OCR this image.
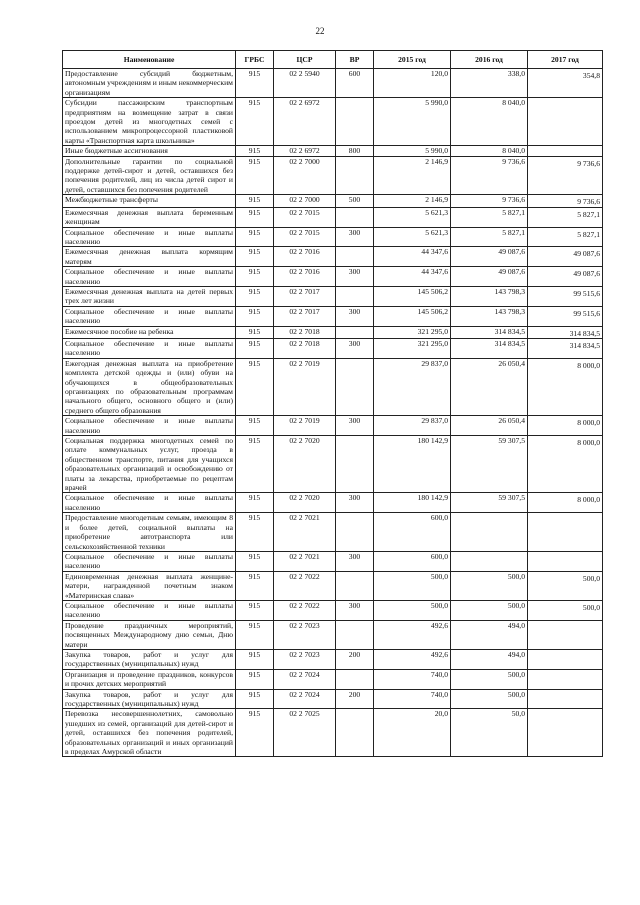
22
Наименование	ГРБС	ЦСР	ВР	2015 год	2016 год	2017 год
Предоставление субсидий бюджетным, автономным учреждениям и иным некоммерческим организациям	915	02 2 5940	600	120,0	338,0	354,8
Субсидии пассажирским транспортным предприятиям на возмещение затрат в связи проездом детей из многодетных семей с использованием микропроцессорной пластиковой карты «Транспортная карта школьника»	915	02 2 6972		5 990,0	8 040,0	
Иные бюджетные ассигнования	915	02 2 6972	800	5 990,0	8 040,0	
Дополнительные гарантии по социальной поддержке детей-сирот и детей, оставшихся без попечения родителей, лиц из числа детей сирот и детей, оставшихся без попечения родителей	915	02 2 7000		2 146,9	9 736,6	9 736,6
Межбюджетные трансферты	915	02 2 7000	500	2 146,9	9 736,6	9 736,6
Ежемесячная денежная выплата беременным женщинам	915	02 2 7015		5 621,3	5 827,1	5 827,1
Социальное обеспечение и иные выплаты населению	915	02 2 7015	300	5 621,3	5 827,1	5 827,1
Ежемесячная денежная выплата кормящим матерям	915	02 2 7016		44 347,6	49 087,6	49 087,6
Социальное обеспечение и иные выплаты населению	915	02 2 7016	300	44 347,6	49 087,6	49 087,6
Ежемесячная денежная выплата на детей первых трех лет жизни	915	02 2 7017		145 506,2	143 798,3	99 515,6
Социальное обеспечение и иные выплаты населению	915	02 2 7017	300	145 506,2	143 798,3	99 515,6
Ежемесячное пособие на ребенка	915	02 2 7018		321 295,0	314 834,5	314 834,5
Социальное обеспечение и иные выплаты населению	915	02 2 7018	300	321 295,0	314 834,5	314 834,5
Ежегодная денежная выплата на приобретение комплекта детской одежды и (или) обуви на обучающихся в общеобразовательных организациях по образовательным программам начального общего, основного общего и (или) среднего общего образования	915	02 2 7019		29 837,0	26 050,4	8 000,0
Социальное обеспечение и иные выплаты населению	915	02 2 7019	300	29 837,0	26 050,4	8 000,0
Социальная поддержка многодетных семей по оплате коммунальных услуг, проезда в общественном транспорте, питания для учащихся образовательных организаций и освобождению от платы за лекарства, приобретаемые по рецептам врачей	915	02 2 7020		180 142,9	59 307,5	8 000,0
Социальное обеспечение и иные выплаты населению	915	02 2 7020	300	180 142,9	59 307,5	8 000,0
Предоставление многодетным семьям, имеющим 8 и более детей, социальной выплаты на приобретение автотранспорта или сельскохозяйственной техники	915	02 2 7021		600,0		
Социальное обеспечение и иные выплаты населению	915	02 2 7021	300	600,0		
Единовременная денежная выплата женщине-матери, награжденной почетным знаком «Материнская слава»	915	02 2 7022		500,0	500,0	500,0
Социальное обеспечение и иные выплаты населению	915	02 2 7022	300	500,0	500,0	500,0
Проведение праздничных мероприятий, посвященных Международному дню семьи, Дню матери	915	02 2 7023		492,6	494,0	
Закупка товаров, работ и услуг для государственных (муниципальных) нужд	915	02 2 7023	200	492,6	494,0	
Организация и проведение праздников, конкурсов и прочих детских мероприятий	915	02 2 7024		740,0	500,0	
Закупка товаров, работ и услуг для государственных (муниципальных) нужд	915	02 2 7024	200	740,0	500,0	
Перевозка несовершеннолетних, самовольно ушедших из семей, организаций для детей-сирот и детей, оставшихся без попечения родителей, образовательных организаций и иных организаций в пределах Амурской области	915	02 2 7025		20,0	50,0	
